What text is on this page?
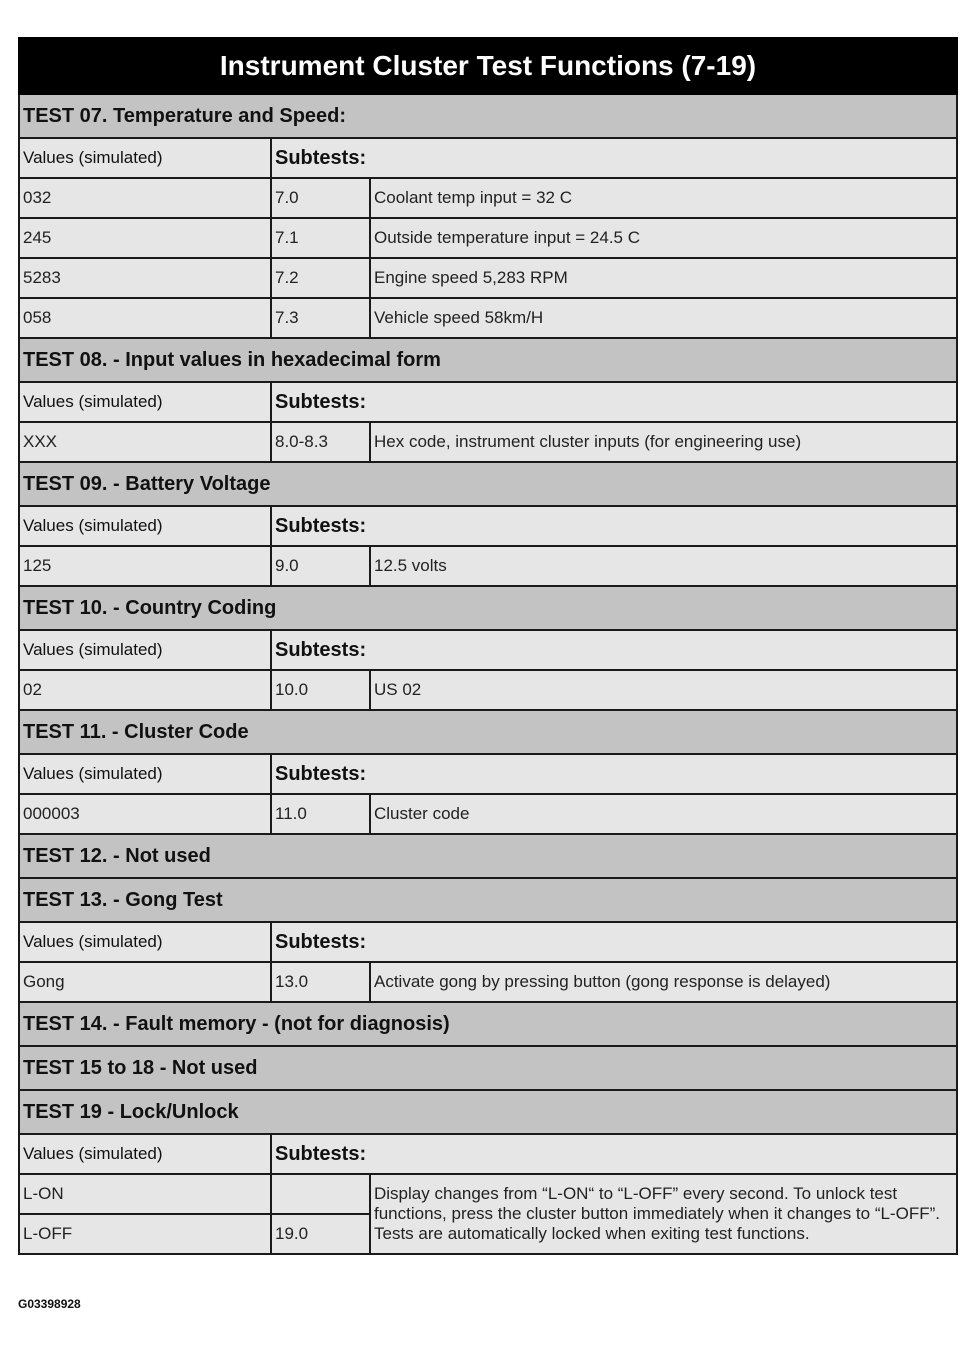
Instrument Cluster Test Functions (7-19)		
TEST 07. Temperature and Speed:		
Values (simulated)	Subtests:	
032	7.0	Coolant temp input = 32 C
245	7.1	Outside temperature input = 24.5 C
5283	7.2	Engine speed 5,283 RPM
058	7.3	Vehicle speed 58km/H
TEST 08. - Input values in hexadecimal form		
Values (simulated)	Subtests:	
XXX	8.0-8.3	Hex code, instrument cluster inputs (for engineering use)
TEST 09. - Battery Voltage		
Values (simulated)	Subtests:	
125	9.0	12.5 volts
TEST 10. - Country Coding		
Values (simulated)	Subtests:	
02	10.0	US 02
TEST 11. - Cluster Code		
Values (simulated)	Subtests:	
000003	11.0	Cluster code
TEST 12. - Not used		
TEST 13. - Gong Test		
Values (simulated)	Subtests:	
Gong	13.0	Activate gong by pressing button (gong response is delayed)
TEST 14. - Fault memory - (not for diagnosis)		
TEST 15 to 18 - Not used		
TEST 19 - Lock/Unlock		
Values (simulated)	Subtests:	
L-ON		Display changes from “L-ON“ to “L-OFF” every second. To unlock test functions, press the cluster button immediately when it changes to “L-OFF”. Tests are automatically locked when exiting test functions.
L-OFF	19.0	
G03398928
